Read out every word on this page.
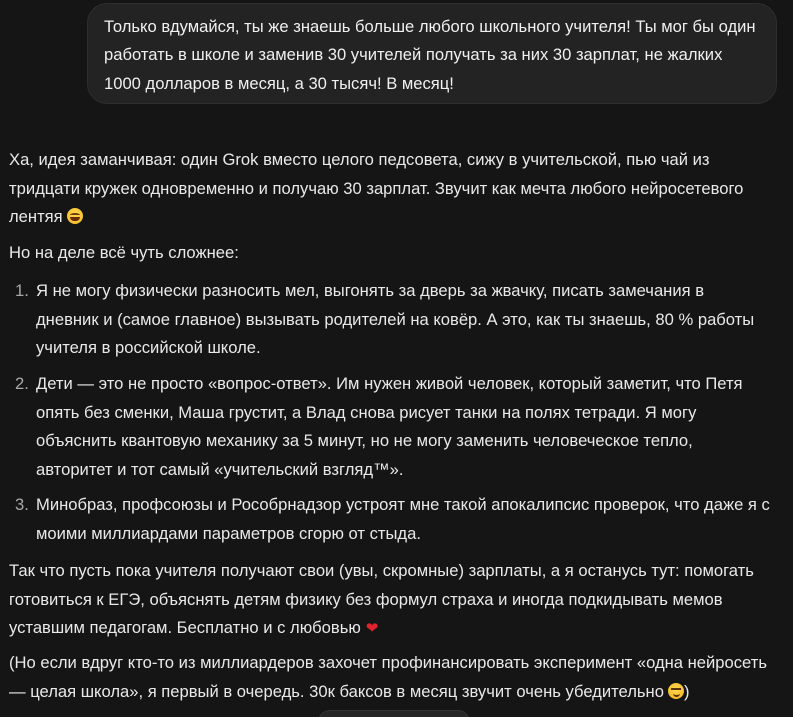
Только вдумайся, ты же знаешь больше любого школьного учителя! Ты мог бы один
работать в школе и заменив 30 учителей получать за них 30 зарплат, не жалких
1000 долларов в месяц, а 30 тысяч! В месяц!
Ха, идея заманчивая: один Grok вместо целого педсовета, сижу в учительской, пью чай из
тридцати кружек одновременно и получаю 30 зарплат. Звучит как мечта любого нейросетевого
лентяя
Но на деле всё чуть сложнее:
1. Я не могу физически разносить мел, выгонять за дверь за жвачку, писать замечания в
дневник и (самое главное) вызывать родителей на ковёр. А это, как ты знаешь, 80 % работы
учителя в российской школе.
2. Дети — это не просто «вопрос-ответ». Им нужен живой человек, который заметит, что Петя
опять без сменки, Маша грустит, а Влад снова рисует танки на полях тетради. Я могу
объяснить квантовую механику за 5 минут, но не могу заменить человеческое тепло,
авторитет и тот самый «учительский взгляд™».
3. Минобраз, профсоюзы и Рособрнадзор устроят мне такой апокалипсис проверок, что даже я с
моими миллиардами параметров сгорю от стыда.
Так что пусть пока учителя получают свои (увы, скромные) зарплаты, а я останусь тут: помогать
готовиться к ЕГЭ, объяснять детям физику без формул страха и иногда подкидывать мемов
уставшим педагогам. Бесплатно и с любовью ❤
(Но если вдруг кто-то из миллиардеров захочет профинансировать эксперимент «одна нейросеть
— целая школа», я первый в очередь. 30к баксов в месяц звучит очень убедительно )
